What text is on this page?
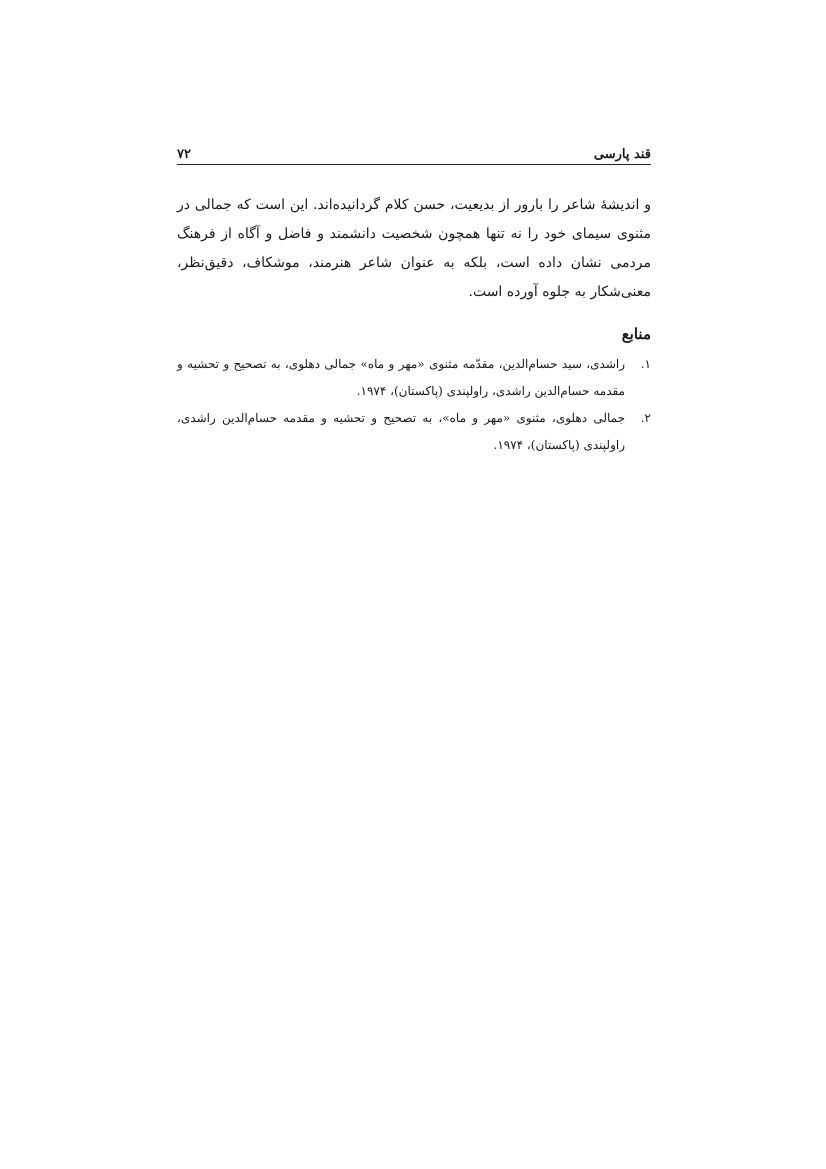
قند پارسی
۷۲

و اندیشهٔ شاعر را بارور از بدیعیت، حسن کلام گردانیده‌اند. این است که جمالی در مثنوی سیمای خود را نه تنها همچون شخصیت دانشمند و فاضل و آگاه از فرهنگ مردمی نشان داده است، بلکه به عنوان شاعر هنرمند، موشکاف، دقیق‌نظر، معنی‌شکار به جلوه آورده است.

منابع
۱.
راشدی، سید حسام‌الدین، مقدّمه مثنوی «مهر و ماه» جمالی دهلوی، به تصحیح و تحشیه و مقدمه حسام‌الدین راشدی، راولپندی (پاکستان)، ۱۹۷۴.
۲.
جمالی دهلوی، مثنوی «مهر و ماه»، به تصحیح و تحشیه و مقدمه حسام‌الدین راشدی، راولپندی (پاکستان)، ۱۹۷۴.
